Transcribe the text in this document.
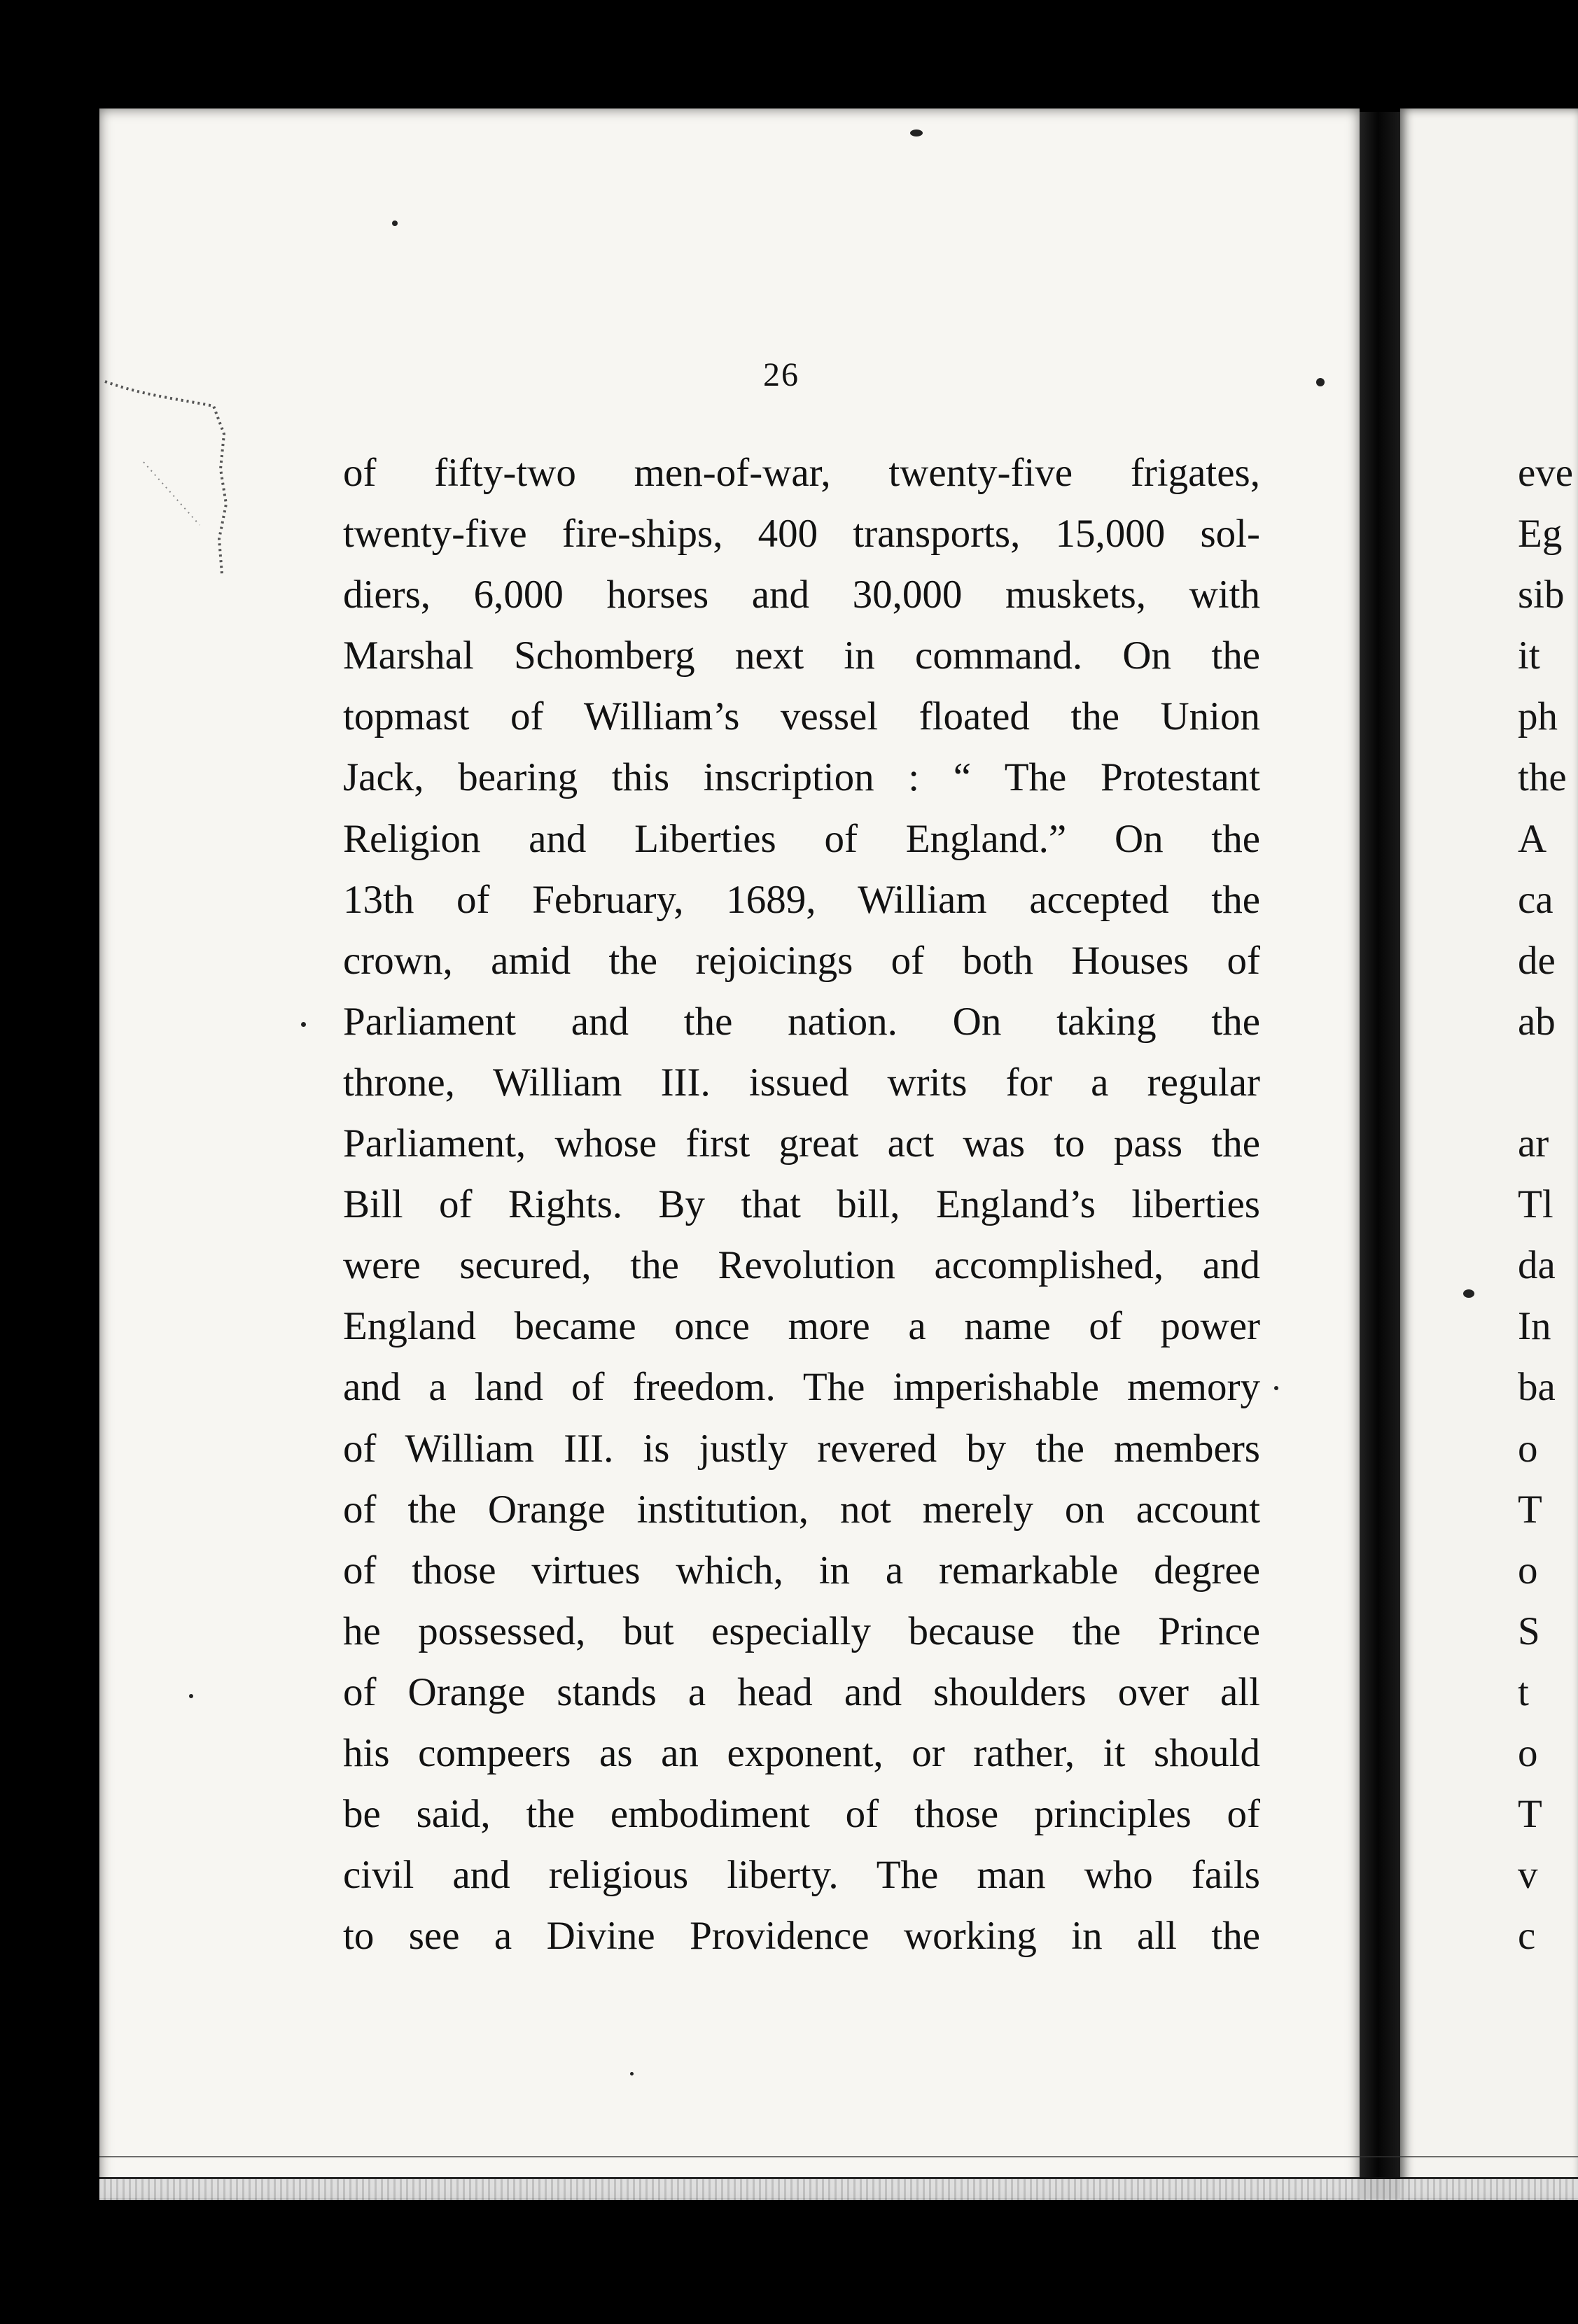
26
of fifty-two men-of-war, twenty-five frigates,
twenty-five fire-ships, 400 transports, 15,000 sol-
diers, 6,000 horses and 30,000 muskets, with
Marshal Schomberg next in command. On the
topmast of William’s vessel floated the Union
Jack, bearing this inscription : “ The Protestant
Religion and Liberties of England.” On the
13th of February, 1689, William accepted the
crown, amid the rejoicings of both Houses of
Parliament and the nation. On taking the
throne, William III. issued writs for a regular
Parliament, whose first great act was to pass the
Bill of Rights. By that bill, England’s liberties
were secured, the Revolution accomplished, and
England became once more a name of power
and a land of freedom. The imperishable memory
of William III. is justly revered by the members
of the Orange institution, not merely on account
of those virtues which, in a remarkable degree
he possessed, but especially because the Prince
of Orange stands a head and shoulders over all
his compeers as an exponent, or rather, it should
be said, the embodiment of those principles of
civil and religious liberty. The man who fails
to see a Divine Providence working in all the
eve
Eg
sib
it
ph
the
A
ca
de
ab
ar
Tl
da
In
ba
o
T
o
S
t
o
T
v
c
